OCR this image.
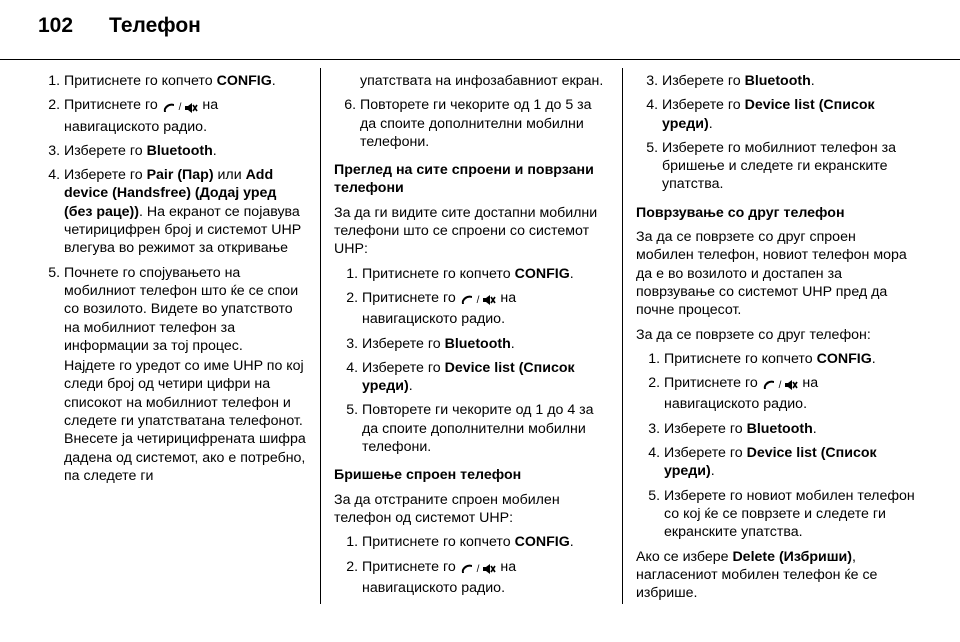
102 Телефон
1. Притиснете го копчето CONFIG.
2. Притиснете го / на навигациското радио.
3. Изберете го Bluetooth.
4. Изберете го Pair (Пар) или Add device (Handsfree) (Додај уред (без раце)). На екранот се појавува четирицифрен број и системот UHP влегува во режимот за откривање
5. Почнете го спојувањето на мобилниот телефон што ќе се спои со возилото. Видете во упатството на мобилниот телефон за информации за тој процес.

Најдете го уредот со име UHP по кој следи број од четири цифри на списокот на мобилниот телефон и следете ги упатстватана телефонот. Внесете ја четирицифрената шифра дадена од системот, ако е потребно, па следете ги

упатствата на инфозабавниот екран.

6. Повторете ги чекорите од 1 до 5 за да споите дополнителни мобилни телефони.

Преглед на сите спроени и поврзани телефони

За да ги видите сите достапни мобилни телефони што се спроени со системот UHP:

1. Притиснете го копчето CONFIG.
2. Притиснете го / на навигациското радио.
3. Изберете го Bluetooth.
4. Изберете го Device list (Список уреди).
5. Повторете ги чекорите од 1 до 4 за да споите дополнителни мобилни телефони.

Бришење спроен телефон

За да отстраните спроен мобилен телефон од системот UHP:

1. Притиснете го копчето CONFIG.
2. Притиснете го / на навигациското радио.
3. Изберете го Bluetooth.
4. Изберете го Device list (Список уреди).
5. Изберете го мобилниот телефон за бришење и следете ги екранските упатства.

Поврзување со друг телефон

За да се поврзете со друг спроен мобилен телефон, новиот телефон мора да е во возилото и достапен за поврзување со системот UHP пред да почне процесот.

За да се поврзете со друг телефон:

1. Притиснете го копчето CONFIG.
2. Притиснете го / на навигациското радио.
3. Изберете го Bluetooth.
4. Изберете го Device list (Список уреди).
5. Изберете го новиот мобилен телефон со кој ќе се поврзете и следете ги екранските упатства.

Ако се избере Delete (Избриши), нагласениот мобилен телефон ќе се избрише.
